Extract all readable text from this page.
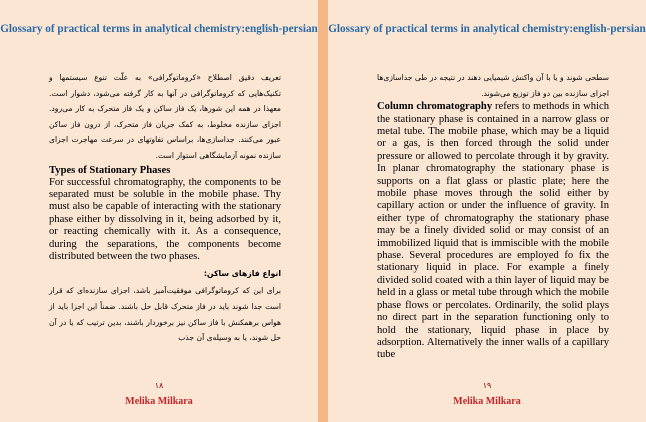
Glossary of practical terms in analytical chemistry:english-persian

تعریف دقیق اصطلاح «کروماتوگرافی» به علّت تنوع سیستمها و تکنیک‌هایی که کروماتوگرافی در آنها به کار گرفته می‌شود، دشوار است. معهذا در همه این شورها، یک فاز ساکن و یک فاز متحرک به کار می‌رود. اجزای سازنده مخلوط، به کمک جریان فاز متحرک، از درون فاز ساکن عبور می‌کنند. جداسازی‌ها، براساس تفاوتهای در سرعت مهاجرت اجزای سازنده نمونه آزمایشگاهی استوار است.

Types of Stationary Phases

For successful chromatography, the components to be separated must be soluble in the mobile phase. Thy must also be capable of interacting with the stationary phase either by dissolving in it, being adsorbed by it, or reacting chemically with it. As a consequence, during the separations, the components become distributed between the two phases.

انواع فازهای ساکن:

برای این که کروماتوگرافی موفقیت‌آمیز باشد، اجزای سازنده‌ای که قرار است جدا شوند باید در فاز متحرک قابل حل باشند. ضمناً این اجزا باید از هواس برهمکنش با فاز ساکن نیز برخوردار باشند، بدین ترتیب که یا در آن حل شوند، یا به وسیله‌ی آن جذب

۱۸
Melika Milkara
Glossary of practical terms in analytical chemistry:english-persian

سطحی شوند و یا با آن واکنش شیمیایی دهند در نتیجه در طی جداسازی‌ها اجزای سازنده بین دو فاز توزیع می‌شوند.

Column chromatography refers to methods in which the stationary phase is contained in a narrow glass or metal tube. The mobile phase, which may be a liquid or a gas, is then forced through the solid under pressure or allowed to percolate through it by gravity. In planar chromatography the stationary phase is supports on a flat glass or plastic plate; here the mobile phase moves through the solid either by capillary action or under the influence of gravity. In either type of chromatography the stationary phase may be a finely divided solid or may consist of an immobilized liquid that is immiscible with the mobile phase. Several procedures are employed fo fix the stationary liquid in place. For example a finely divided solid coated with a thin layer of liquid may be held in a glass or metal tube through which the mobile phase flows or percolates. Ordinarily, the solid plays no direct part in the separation functioning only to hold the stationary, liquid phase in place by adsorption. Alternatively the inner walls of a capillary tube

۱۹
Melika Milkara
